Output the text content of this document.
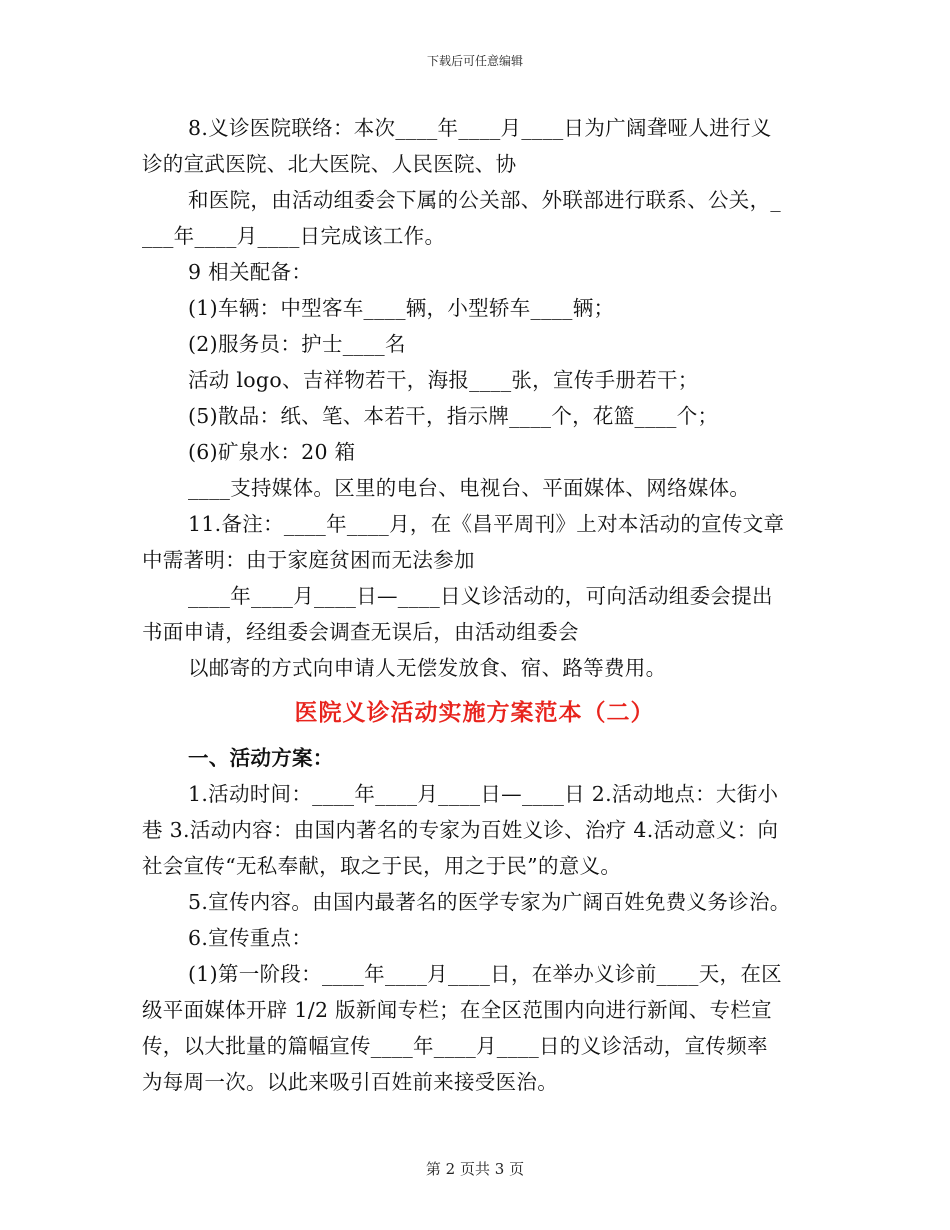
下载后可任意编辑
8.义诊医院联络：本次____年____月____日为广阔聋哑人进行义
诊的宣武医院、北大医院、人民医院、协
和医院，由活动组委会下属的公关部、外联部进行联系、公关，_
___年____月____日完成该工作。
9 相关配备：
(1)车辆：中型客车____辆，小型轿车____辆；
(2)服务员：护士____名
活动 logo、吉祥物若干，海报____张，宣传手册若干；
(5)散品：纸、笔、本若干，指示牌____个，花篮____个；
(6)矿泉水：20 箱
____支持媒体。区里的电台、电视台、平面媒体、网络媒体。
11.备注：____年____月，在《昌平周刊》上对本活动的宣传文章
中需著明：由于家庭贫困而无法参加
____年____月____日—____日义诊活动的，可向活动组委会提出
书面申请，经组委会调查无误后，由活动组委会
以邮寄的方式向申请人无偿发放食、宿、路等费用。
医院义诊活动实施方案范本（二）
一、活动方案：
1.活动时间：____年____月____日—____日 2.活动地点：大街小
巷 3.活动内容：由国内著名的专家为百姓义诊、治疗 4.活动意义：向
社会宣传“无私奉献，取之于民，用之于民”的意义。
5.宣传内容。由国内最著名的医学专家为广阔百姓免费义务诊治。
6.宣传重点：
(1)第一阶段：____年____月____日，在举办义诊前____天，在区
级平面媒体开辟 1/2 版新闻专栏；在全区范围内向进行新闻、专栏宣
传，以大批量的篇幅宣传____年____月____日的义诊活动，宣传频率
为每周一次。以此来吸引百姓前来接受医治。
第 2 页共 3 页
